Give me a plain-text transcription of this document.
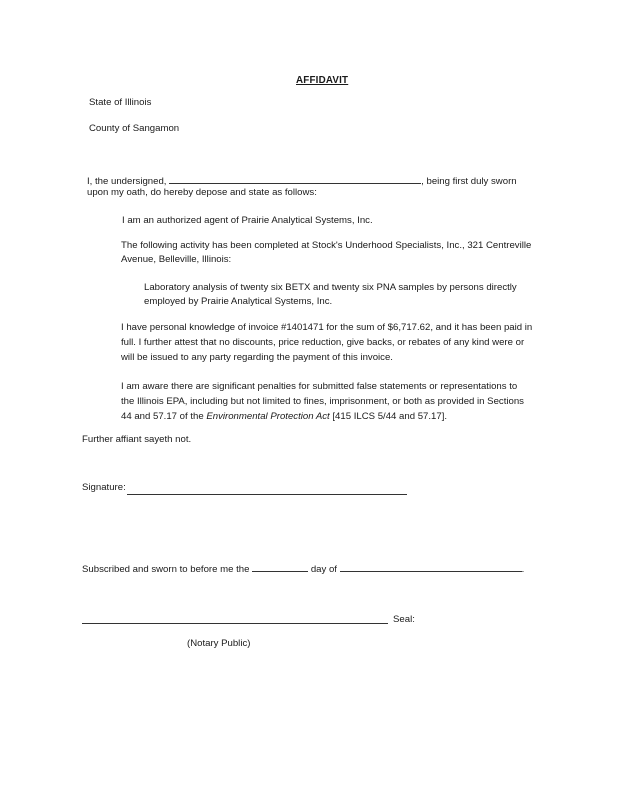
AFFIDAVIT
State of Illinois
County of Sangamon
I, the undersigned,	, being first duly sworn
upon my oath, do hereby depose and state as follows:
I am an authorized agent of Prairie Analytical Systems, Inc.
The following activity has been completed at Stock's Underhood Specialists, Inc., 321 Centreville
Avenue, Belleville, Illinois:
Laboratory analysis of twenty six BETX and twenty six PNA samples by persons directly
employed by Prairie Analytical Systems, Inc.
I have personal knowledge of invoice #1401471 for the sum of $6,717.62, and it has been paid in
full. I further attest that no discounts, price reduction, give backs, or rebates of any kind were or
will be issued to any party regarding the payment of this invoice.
I am aware there are significant penalties for submitted false statements or representations to
the Illinois EPA, including but not limited to fines, imprisonment, or both as provided in Sections
44 and 57.17 of the Environmental Protection Act [415 ILCS 5/44 and 57.17].
Further affiant sayeth not.
Signature:
Subscribed and sworn to before me the	day of	.
Seal:
(Notary Public)
